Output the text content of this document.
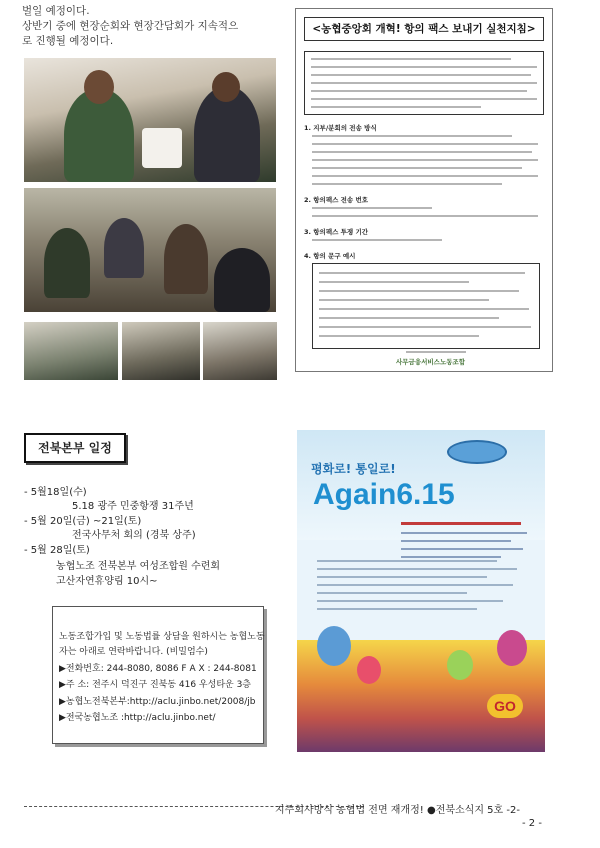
벌일 예정이다.
상반기 중에 현장순회와 현장간담회가 지속적으
로 진행될 예정이다.
<농협중앙회 개혁! 항의 팩스 보내기 실천지침>
1. 지부/분회의 전송 방식
2. 항의팩스 전송 번호
3. 항의팩스 투쟁 기간
4. 항의 문구 예시
사무금융서비스노동조합
전북본부 일정
- 5월18일(수)
5.18 광주 민중항쟁 31주년
- 5월 20일(금) ~21일(토)
전국사무처 회의 (경북 상주)
- 5월 28일(토)
농협노조 전북본부 여성조합원 수련회
고산자연휴양림 10시~
노동조합가입 및 노동법률 상담을 원하시는 농협노동
자는 아래로 연락바랍니다. (비밀엄수)
▶전화번호: 244-8080, 8086 F A X : 244-8081
▶주 소: 전주시 덕진구 진북동 416 우성타운 3층
▶농협노전북본부:http://aclu.jinbo.net/2008/jb
▶전국농협노조 :http://aclu.jinbo.net/
평화로! 통일로!
Again6.15
GO
지주회사방식 농협법 전면 재개정! ●전북소식지 5호 -2-
- 2 -
